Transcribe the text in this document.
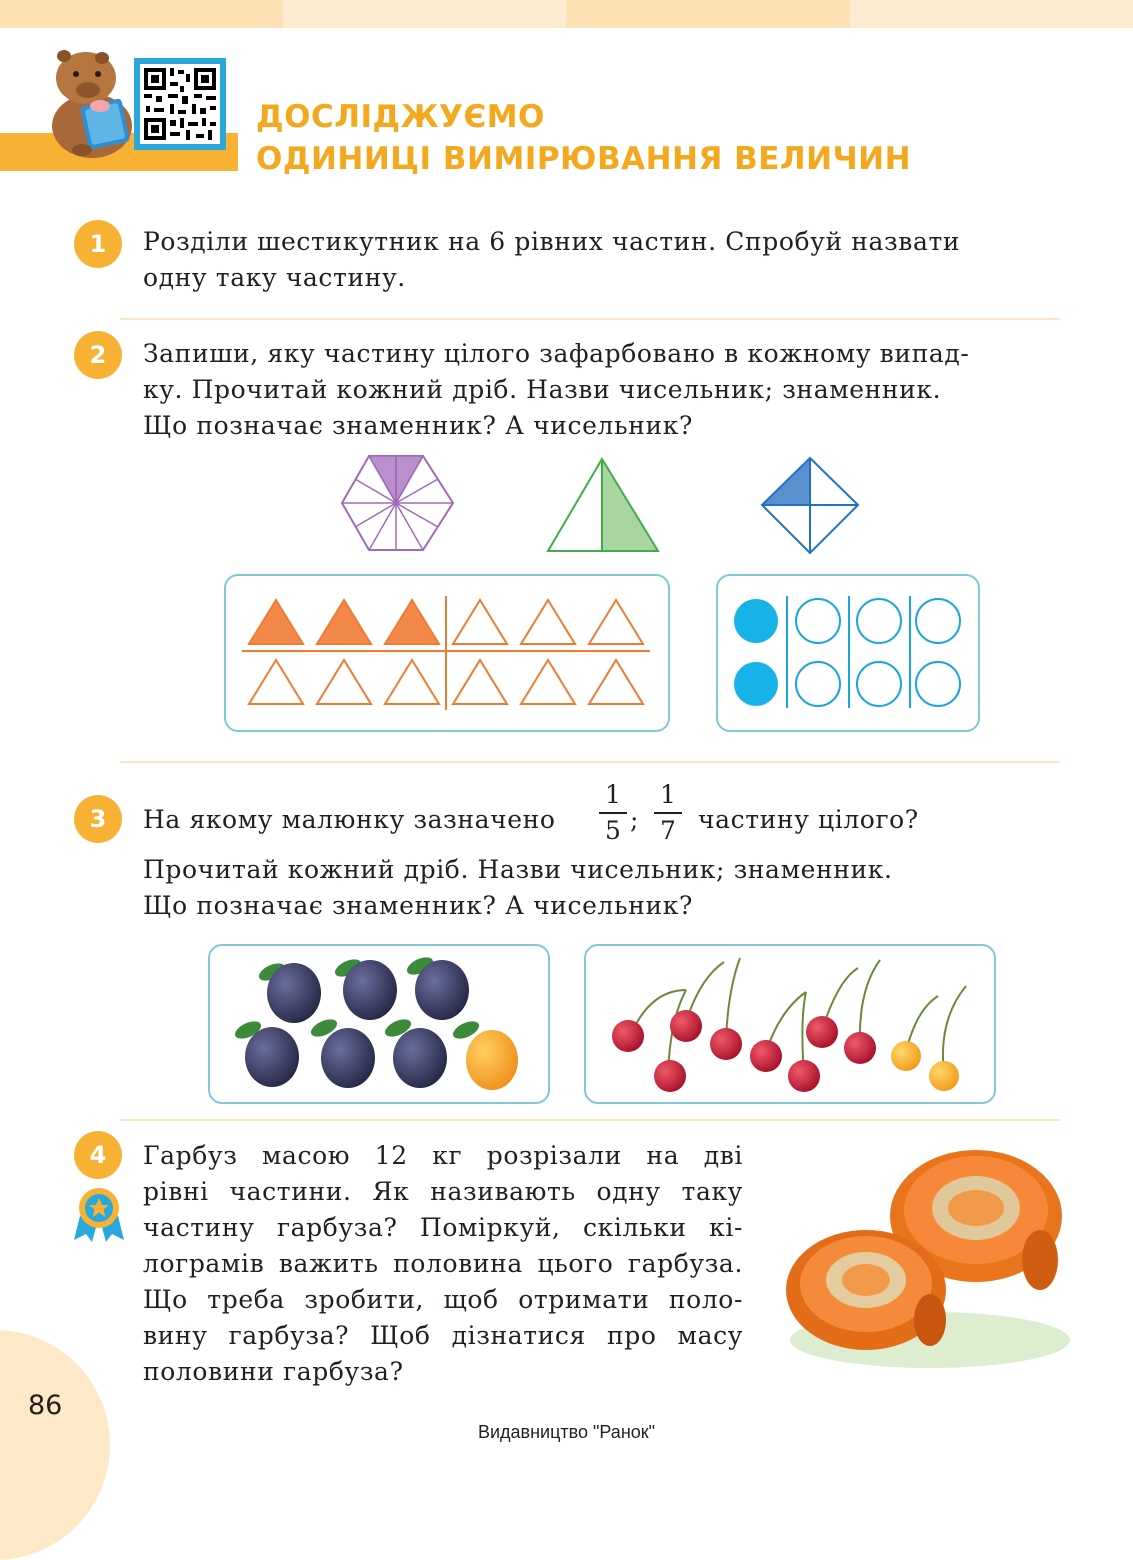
ДОСЛІДЖУЄМО
ОДИНИЦІ ВИМІРЮВАННЯ ВЕЛИЧИН
1	Розділи шестикутник на 6 рівних частин. Спробуй назвати
одну таку частину.
2	Запиши, яку частину цілого зафарбовано в кожному випад-
ку. Прочитай кожний дріб. Назви чисельник; знаменник.
Що позначає знаменник? А чисельник?
3	На якому малюнку зазначено
1
5 ;
1
7 частину цілого?
Прочитай кожний дріб. Назви чисельник; знаменник.
Що позначає знаменник? А чисельник?
4	Гарбуз масою 12 кг розрізали на дві
рівні частини. Як називають одну таку
частину гарбуза? Поміркуй, скільки кі-
лограмів важить половина цього гарбуза.
Що треба зробити, щоб отримати поло-
вину гарбуза? Щоб дізнатися про масу
половини гарбуза?
86
Видавництво "Ранок"
